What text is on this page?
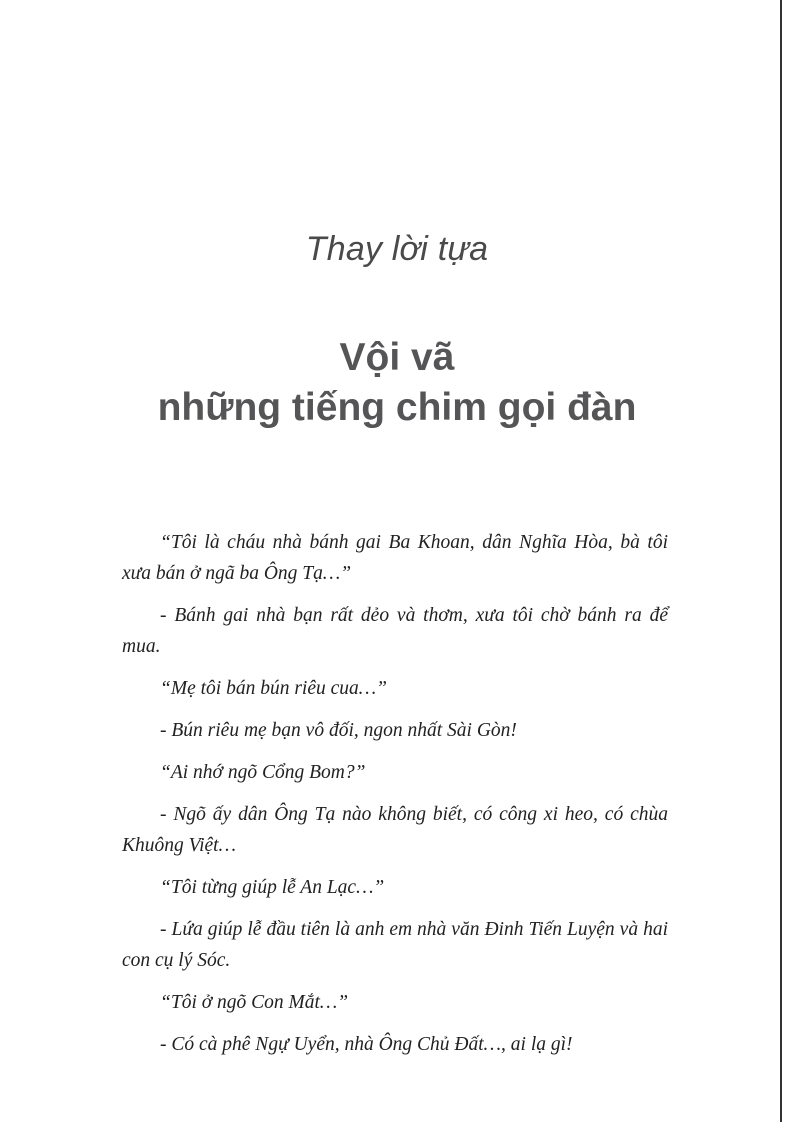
Thay lời tựa
Vội vã
những tiếng chim gọi đàn

“Tôi là cháu nhà bánh gai Ba Khoan, dân Nghĩa Hòa, bà tôi xưa bán ở ngã ba Ông Tạ…”

- Bánh gai nhà bạn rất dẻo và thơm, xưa tôi chờ bánh ra để mua.

“Mẹ tôi bán bún riêu cua…”

- Bún riêu mẹ bạn vô đối, ngon nhất Sài Gòn!

“Ai nhớ ngõ Cổng Bom?”

- Ngõ ấy dân Ông Tạ nào không biết, có công xi heo, có chùa Khuông Việt…

“Tôi từng giúp lễ An Lạc…”

- Lứa giúp lễ đầu tiên là anh em nhà văn Đinh Tiến Luyện và hai con cụ lý Sóc.

“Tôi ở ngõ Con Mắt…”

- Có cà phê Ngự Uyển, nhà Ông Chủ Đất…, ai lạ gì!
